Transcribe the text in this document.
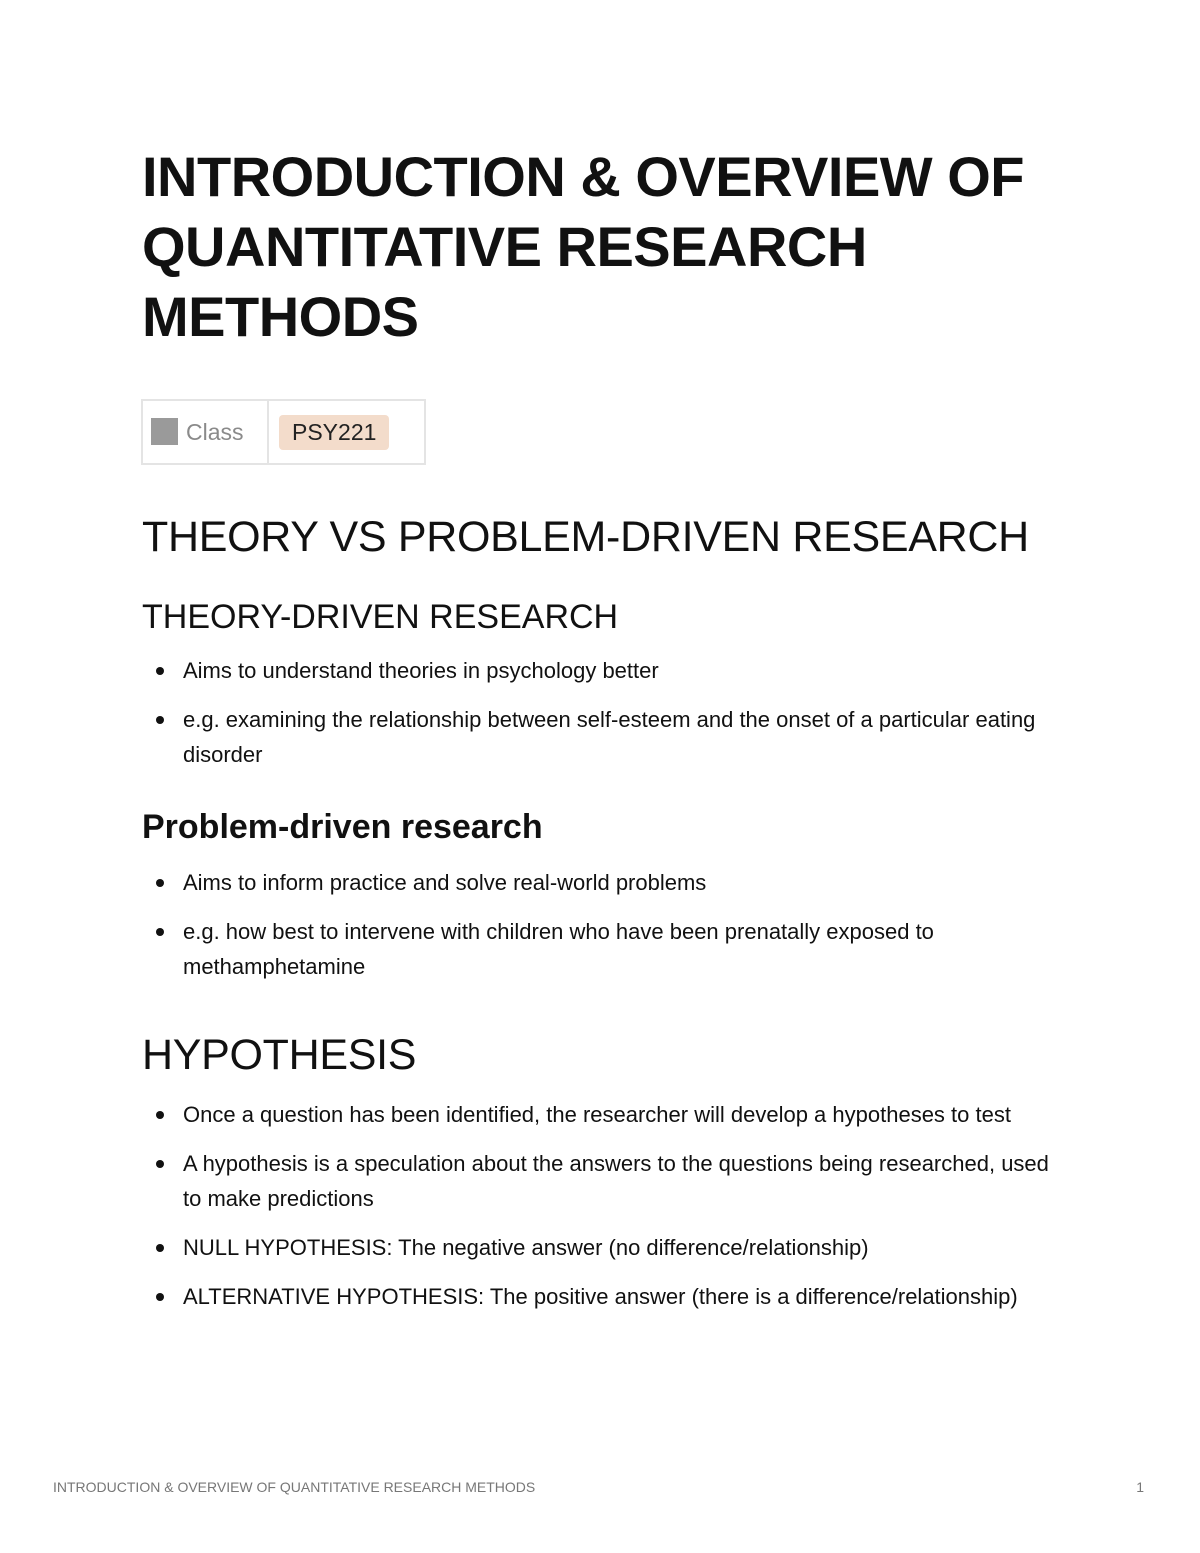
INTRODUCTION & OVERVIEW OF QUANTITATIVE RESEARCH METHODS
Class	PSY221
THEORY VS PROBLEM-DRIVEN RESEARCH
THEORY-DRIVEN RESEARCH
Aims to understand theories in psychology better
e.g. examining the relationship between self-esteem and the onset of a particular eating disorder
Problem-driven research
Aims to inform practice and solve real-world problems
e.g. how best to intervene with children who have been prenatally exposed to methamphetamine
HYPOTHESIS
Once a question has been identified, the researcher will develop a hypotheses to test
A hypothesis is a speculation about the answers to the questions being researched, used to make predictions
NULL HYPOTHESIS: The negative answer (no difference/relationship)
ALTERNATIVE HYPOTHESIS: The positive answer (there is a difference/relationship)
INTRODUCTION & OVERVIEW OF QUANTITATIVE RESEARCH METHODS	1
